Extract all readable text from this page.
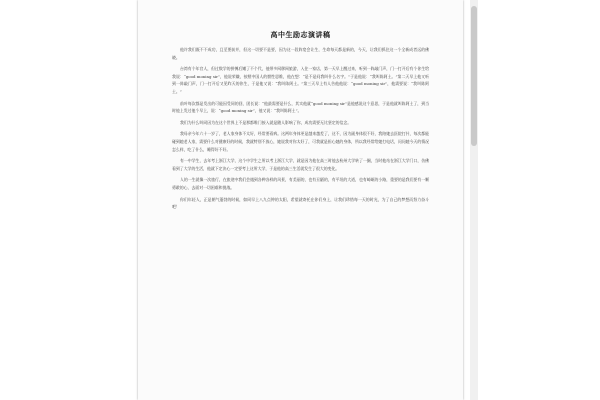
高中生励志演讲稿

他许我们既不不成功，且至要前并，但这一切要不是要，因为这一段阵宽会让生，生命每天都是新的，今天，让我们抓住这一个全新成者远的佛晓。

台湾有个年官人，但过数学的拼搏后嫩了不个代，他带多网移网旅游，入住一家店，第一天早上醒过来，听到一阵敲门声，门一打开后有个你生给我说：“good moning sir”，他说荣嫌，按照中国人的惯性思维，他在想：“是不是问我叫什么名字。”于是他说：“我叫陈阿土。”第二天早上他又听到一阵敲门声，门一打开后又见昨天的你生，于是他又说：“我叫陈阿土。”第三天早上有人告他他说：“good moning sir”，他需要说：“我叫陈阿土。”

前叶每次都是发出的可能因受同的回，团长说：“他最需要是什么，其实他就“good moning sir”是他感说这个意思，于是他就叫陈阿土了，到当时他上发过他个早上，说：“good moning sir”，他又说：“我叫陈阿土”。

我们为什么叫同因为在这个世界上不是那都唯门接入就是随人影响了你，成功需要无比坚定的信念。

我母亲今年六十一岁了，老人家身体不太好，经常要看病。这两年身体更是越来越差了，这不，因为副身体很不好，我陪她去医院打针，每次都能碰到她老人家，需要什么对健康好的时候，我就特别不放心，她说我对你太好了，可我就是担心她的身体，所以我经常给她打电话，问问她今天的情况怎么样，吃了什么，睡得好不好。

有一中学生，去年考上浙江大学，这个中学生之所以考上浙江大学，就是因为他在高三时他去杭州大学转了一圈，当时他站在浙江大学门口，仿佛看到了大学的生活，他就下定决心一定要考上这所大学，于是他的高三生活就发生了很大的变化。

人的一生就像一次旅行，在旅途中我们会遇到各种各样的风景，有美丽的，也有丑陋的，有平坦的大道，也有崎岖的小路，重要的是我们要有一颗勇敢的心，去面对一切困难和挑战。

你们年轻人，正是朝气蓬勃的时候，如同早上八九点钟的太阳，希望就寄托在你们身上，让我们珍惜每一天的时光，为了自己的梦想而努力奋斗吧！
